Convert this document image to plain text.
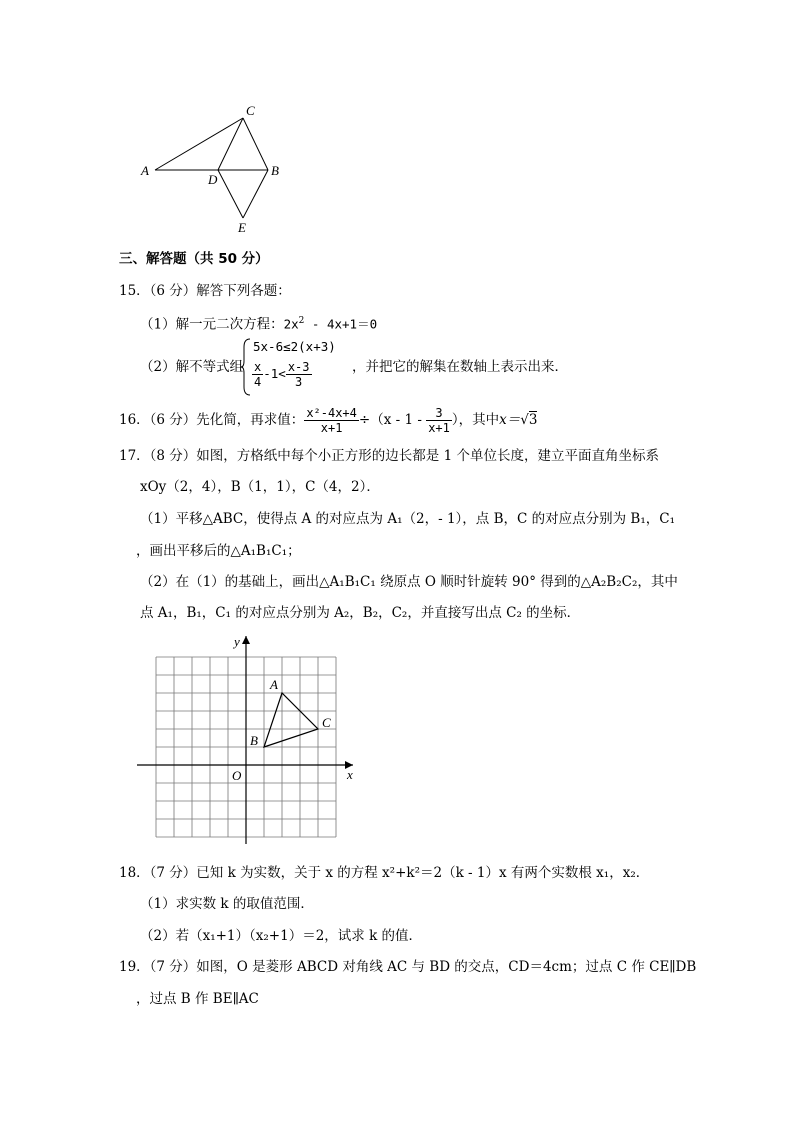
C
A
D
B
E
三、解答题（共 50 分）
15．（6 分）解答下列各题：
（1）解一元二次方程：$2x^2 - 4x+1=0$
（2）解不等式组
5x-6≤2(x+3)
$\frac{x}{4} -1< \frac{x-3}{3}$	，并把它的解集在数轴上表示出来．
16．（6 分）先化简，再求值： $\frac{\text{x²-4x+4}}{x+1} \div(x - 1 - \frac{3}{x+1}$ ），其中x＝√3
17．（8 分）如图，方格纸中每个小正方形的边长都是 1 个单位长度，建立平面直角坐标系
xOy（2，4），B（1，1），C（4，2）．
（1）平移△ABC，使得点 A 的对应点为 A₁（2，- 1），点 B，C 的对应点分别为 B₁，C₁
，画出平移后的△A₁B₁C₁；
（2）在（1）的基础上，画出△A₁B₁C₁ 绕原点 O 顺时针旋转 90° 得到的△A₂B₂C₂，其中
点 A₁，B₁，C₁ 的对应点分别为 A₂，B₂，C₂，并直接写出点 C₂ 的坐标．
y
x
O
A
B
C
18．（7 分）已知 k 为实数，关于 x 的方程 x²+k²＝2（k - 1）x 有两个实数根 x₁，x₂．
（1）求实数 k 的取值范围．
（2）若（x₁+1）（x₂+1）＝2，试求 k 的值．
19．（7 分）如图，O 是菱形 ABCD 对角线 AC 与 BD 的交点，CD＝4cm；过点 C 作 CE∥DB
，过点 B 作 BE∥AC
